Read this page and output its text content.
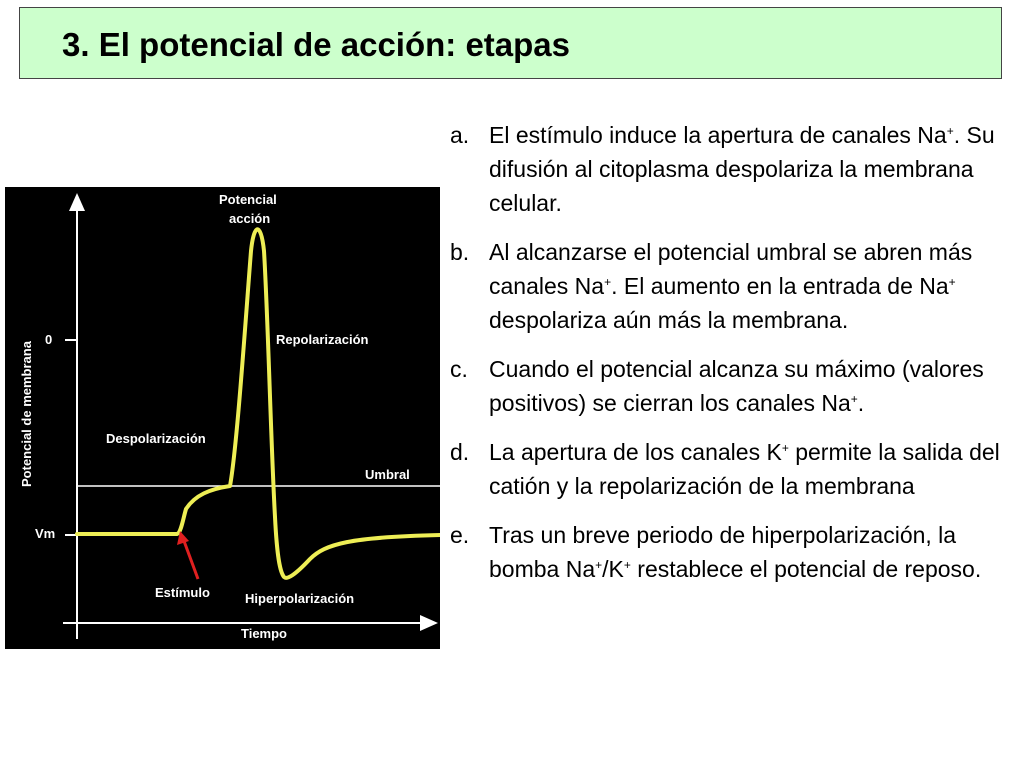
3. El potencial de acción: etapas
Potencial de membrana
0
Vm
Potencial
acción
Repolarización
Despolarización
Umbral
Estímulo	Hiperpolarización
Tiempo
a. El estímulo induce la apertura de canales Na+. Su difusión al citoplasma despolariza la membrana celular.
b. Al alcanzarse el potencial umbral se abren más canales Na+. El aumento en la entrada de Na+ despolariza aún más la membrana.
c. Cuando el potencial alcanza su máximo (valores positivos) se cierran los canales Na+.
d. La apertura de los canales K+ permite la salida del catión y la repolarización de la membrana
e. Tras un breve periodo de hiperpolarización, la bomba Na+/K+ restablece el potencial de reposo.
